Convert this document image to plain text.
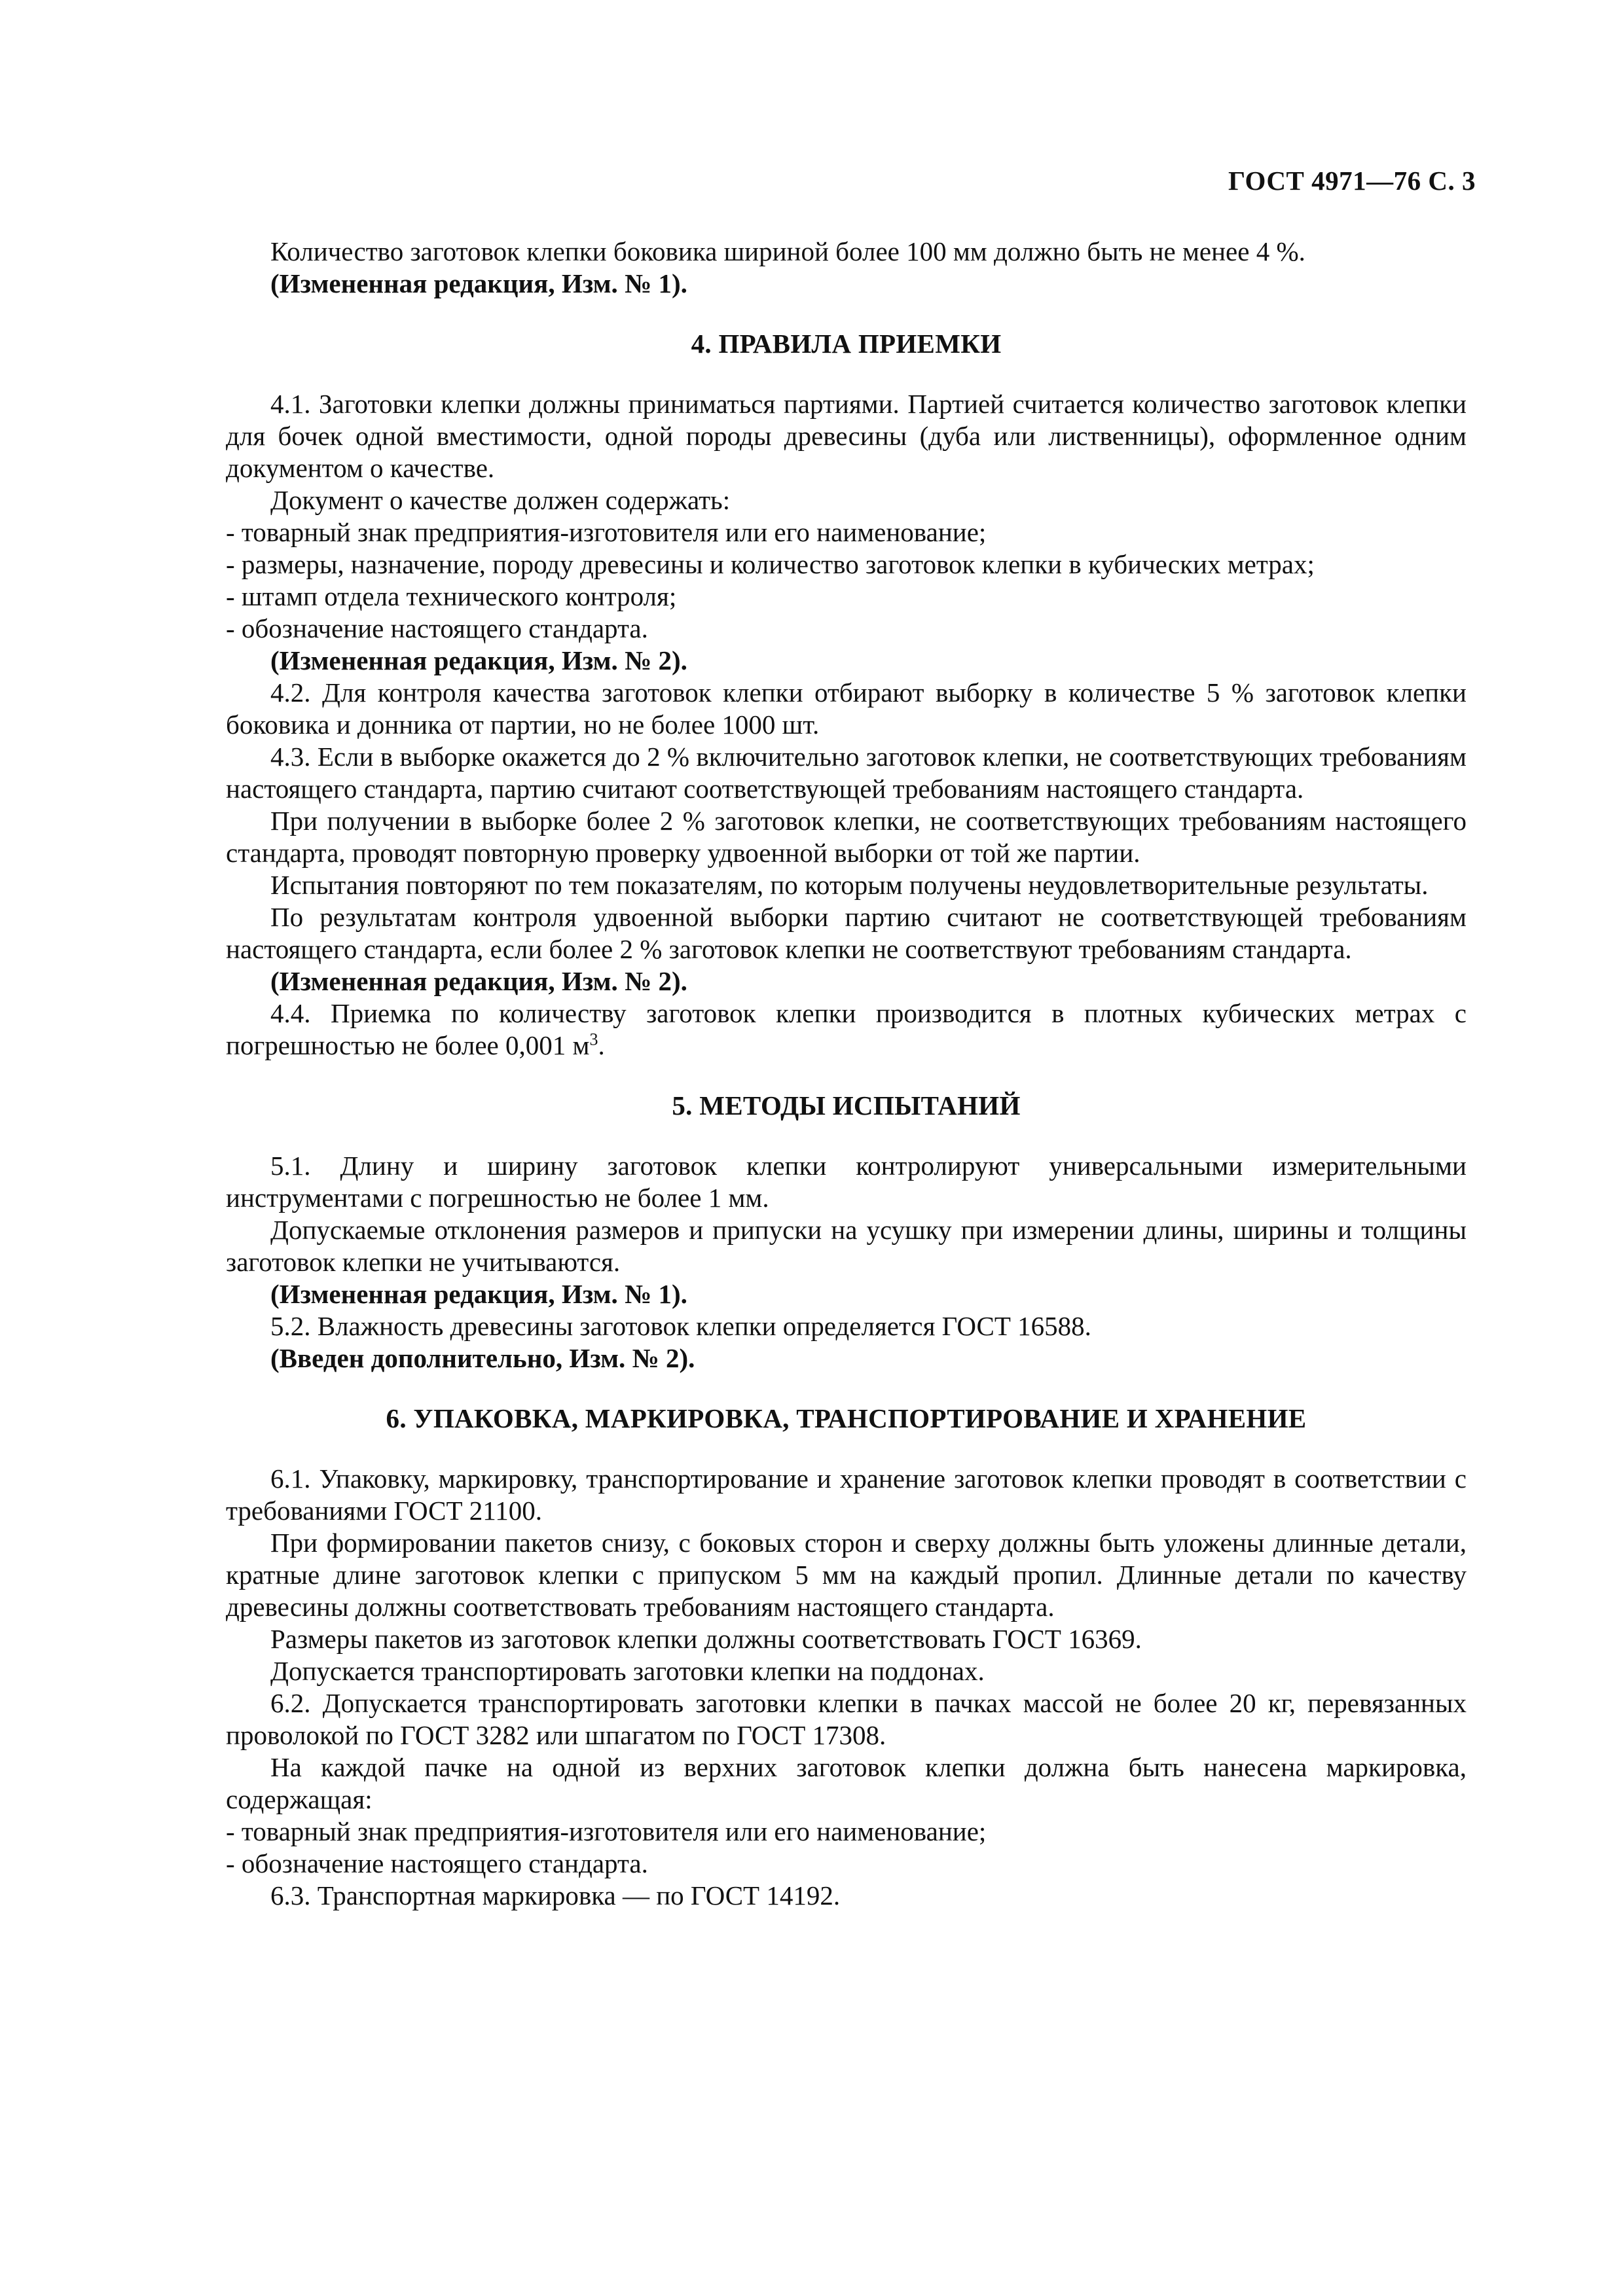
ГОСТ 4971—76 С. 3

Количество заготовок клепки боковика шириной более 100 мм должно быть не менее 4 %.

(Измененная редакция, Изм. № 1).

4. ПРАВИЛА ПРИЕМКИ

4.1. Заготовки клепки должны приниматься партиями. Партией считается количество заготовок клепки для бочек одной вместимости, одной породы древесины (дуба или лиственницы), оформленное одним документом о качестве.

Документ о качестве должен содержать:

- товарный знак предприятия-изготовителя или его наименование;

- размеры, назначение, породу древесины и количество заготовок клепки в кубических метрах;

- штамп отдела технического контроля;

- обозначение настоящего стандарта.

(Измененная редакция, Изм. № 2).

4.2. Для контроля качества заготовок клепки отбирают выборку в количестве 5 % заготовок клепки боковика и донника от партии, но не более 1000 шт.

4.3. Если в выборке окажется до 2 % включительно заготовок клепки, не соответствующих требованиям настоящего стандарта, партию считают соответствующей требованиям настоящего стандарта.

При получении в выборке более 2 % заготовок клепки, не соответствующих требованиям настоящего стандарта, проводят повторную проверку удвоенной выборки от той же партии.

Испытания повторяют по тем показателям, по которым получены неудовлетворительные результаты.

По результатам контроля удвоенной выборки партию считают не соответствующей требованиям настоящего стандарта, если более 2 % заготовок клепки не соответствуют требованиям стандарта.

(Измененная редакция, Изм. № 2).

4.4. Приемка по количеству заготовок клепки производится в плотных кубических метрах с погрешностью не более 0,001 $м^3$.

5. МЕТОДЫ ИСПЫТАНИЙ

5.1. Длину и ширину заготовок клепки контролируют универсальными измерительными инструментами с погрешностью не более 1 мм.

Допускаемые отклонения размеров и припуски на усушку при измерении длины, ширины и толщины заготовок клепки не учитываются.

(Измененная редакция, Изм. № 1).

5.2. Влажность древесины заготовок клепки определяется ГОСТ 16588.

(Введен дополнительно, Изм. № 2).

6. УПАКОВКА, МАРКИРОВКА, ТРАНСПОРТИРОВАНИЕ И ХРАНЕНИЕ

6.1. Упаковку, маркировку, транспортирование и хранение заготовок клепки проводят в соответствии с требованиями ГОСТ 21100.

При формировании пакетов снизу, с боковых сторон и сверху должны быть уложены длинные детали, кратные длине заготовок клепки с припуском 5 мм на каждый пропил. Длинные детали по качеству древесины должны соответствовать требованиям настоящего стандарта.

Размеры пакетов из заготовок клепки должны соответствовать ГОСТ 16369.

Допускается транспортировать заготовки клепки на поддонах.

6.2. Допускается транспортировать заготовки клепки в пачках массой не более 20 кг, перевязанных проволокой по ГОСТ 3282 или шпагатом по ГОСТ 17308.

На каждой пачке на одной из верхних заготовок клепки должна быть нанесена маркировка, содержащая:

- товарный знак предприятия-изготовителя или его наименование;

- обозначение настоящего стандарта.

6.3. Транспортная маркировка — по ГОСТ 14192.
